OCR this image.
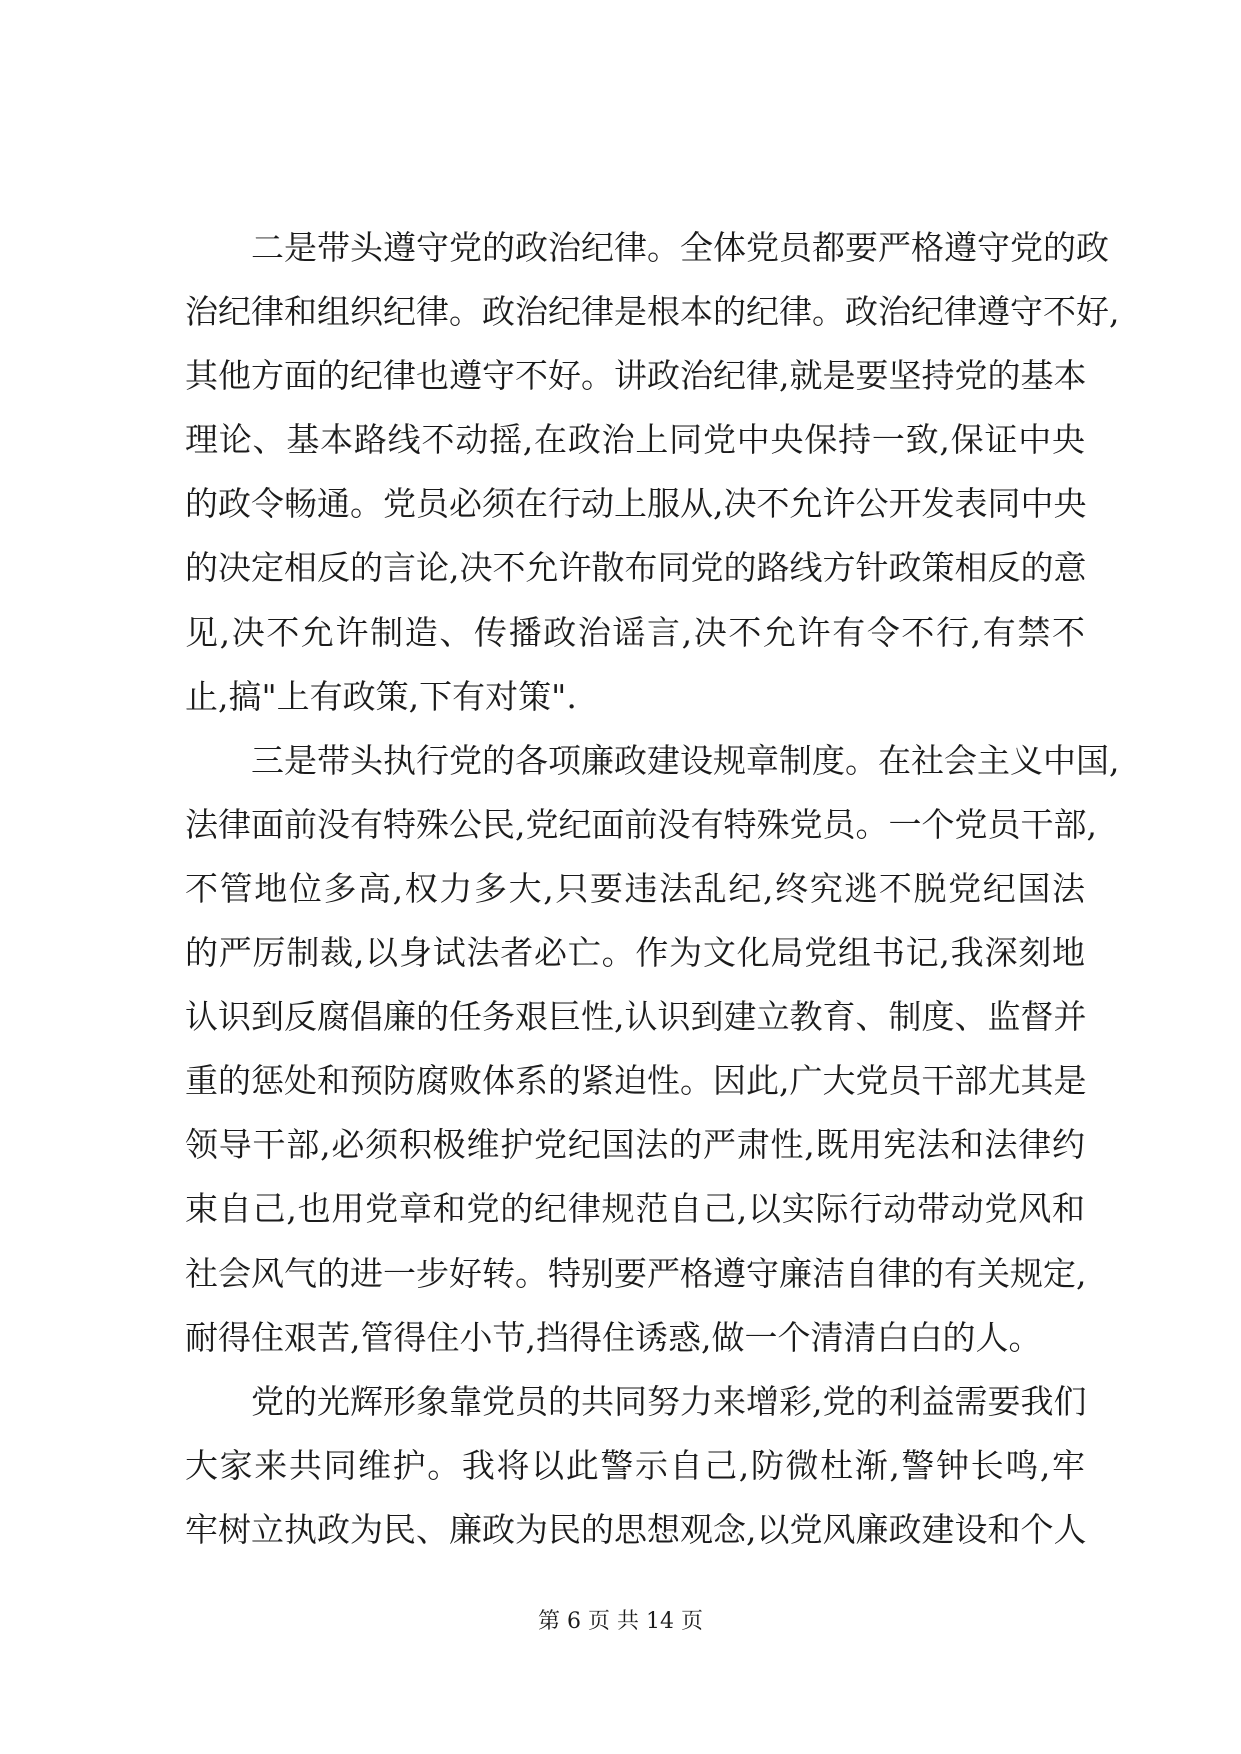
二是带头遵守党的政治纪律。全体党员都要严格遵守党的政
治纪律和组织纪律。政治纪律是根本的纪律。政治纪律遵守不好,
其他方面的纪律也遵守不好。讲政治纪律,就是要坚持党的基本
理论、基本路线不动摇,在政治上同党中央保持一致,保证中央
的政令畅通。党员必须在行动上服从,决不允许公开发表同中央
的决定相反的言论,决不允许散布同党的路线方针政策相反的意
见,决不允许制造、传播政治谣言,决不允许有令不行,有禁不
止,搞"上有政策,下有对策".
三是带头执行党的各项廉政建设规章制度。在社会主义中国,
法律面前没有特殊公民,党纪面前没有特殊党员。一个党员干部,
不管地位多高,权力多大,只要违法乱纪,终究逃不脱党纪国法
的严厉制裁,以身试法者必亡。作为文化局党组书记,我深刻地
认识到反腐倡廉的任务艰巨性,认识到建立教育、制度、监督并
重的惩处和预防腐败体系的紧迫性。因此,广大党员干部尤其是
领导干部,必须积极维护党纪国法的严肃性,既用宪法和法律约
束自己,也用党章和党的纪律规范自己,以实际行动带动党风和
社会风气的进一步好转。特别要严格遵守廉洁自律的有关规定,
耐得住艰苦,管得住小节,挡得住诱惑,做一个清清白白的人。
党的光辉形象靠党员的共同努力来增彩,党的利益需要我们
大家来共同维护。我将以此警示自己,防微杜渐,警钟长鸣,牢
牢树立执政为民、廉政为民的思想观念,以党风廉政建设和个人
第 6 页 共 14 页
